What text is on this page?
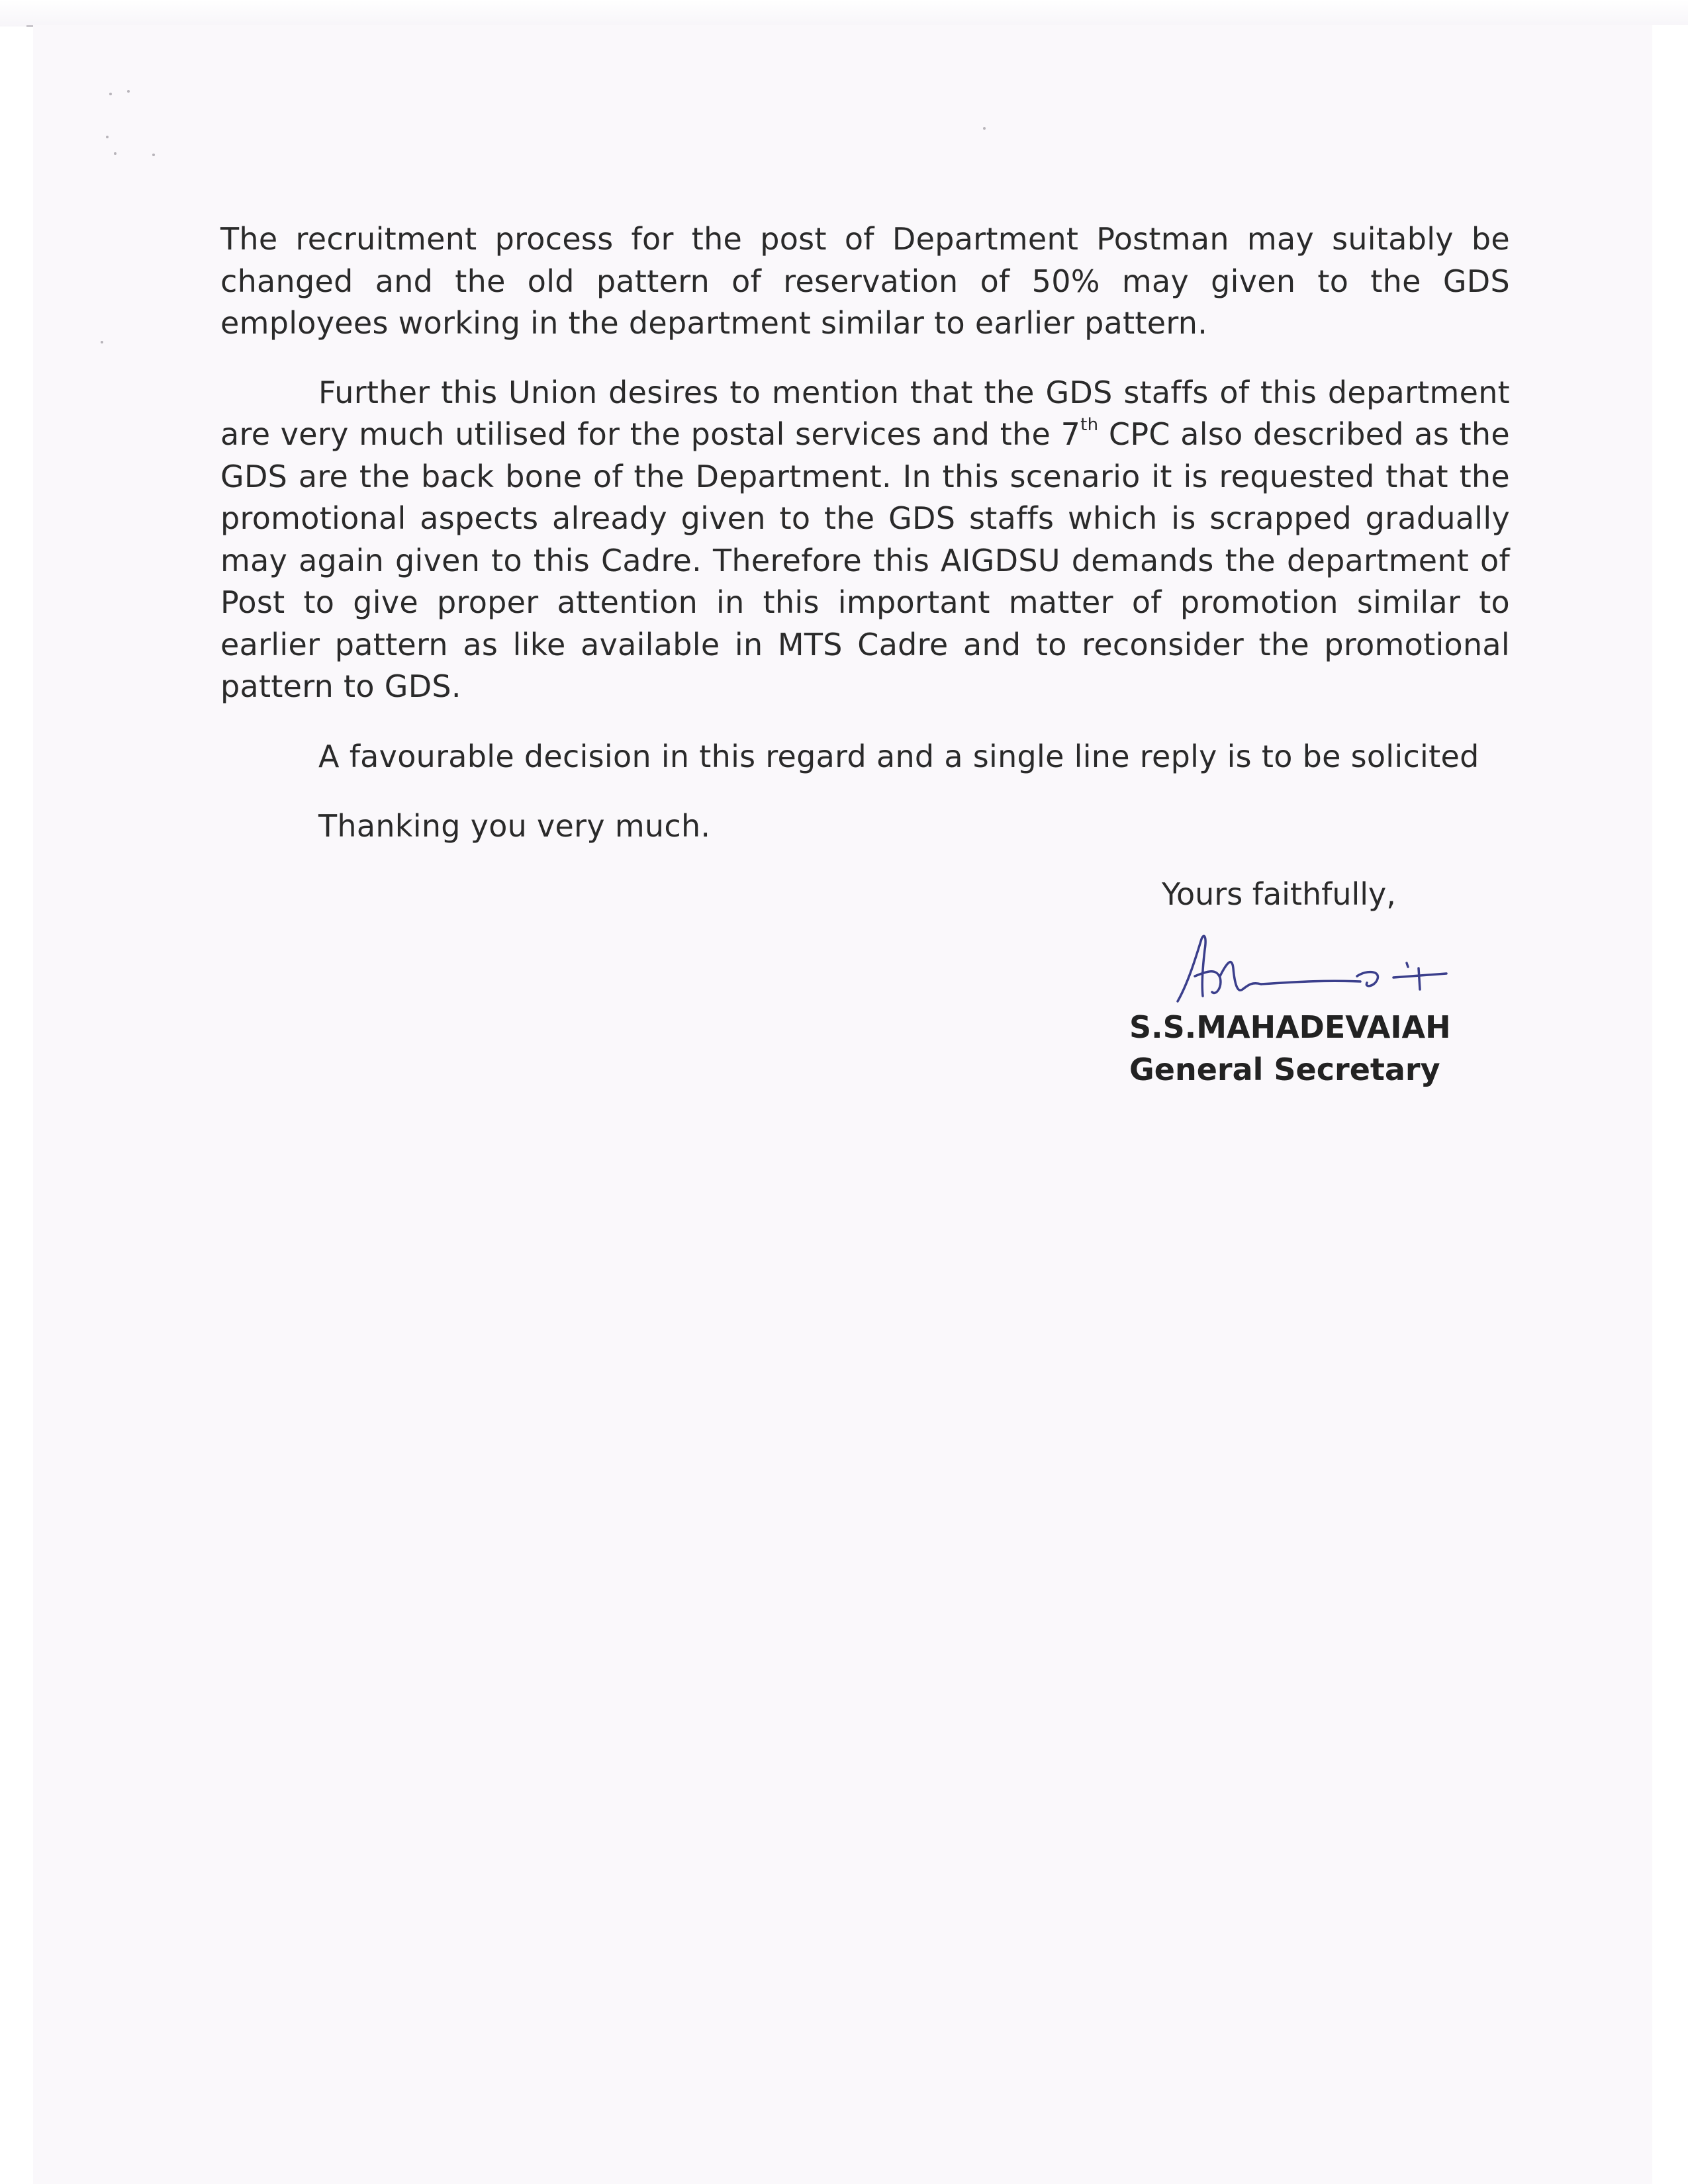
The recruitment process for the post of Department Postman may suitably be changed and the old pattern of reservation of 50% may given to the GDS employees working in the department similar to earlier pattern.

Further this Union desires to mention that the GDS staffs of this department are very much utilised for the postal services and the 7th CPC also described as the GDS are the back bone of the Department. In this scenario it is requested that the promotional aspects already given to the GDS staffs which is scrapped gradually may again given to this Cadre. Therefore this AIGDSU demands the department of Post to give proper attention in this important matter of promotion similar to earlier pattern as like available in MTS Cadre and to reconsider the promotional pattern to GDS.

A favourable decision in this regard and a single line reply is to be solicited

Thanking you very much.

Yours faithfully,
S.S.MAHADEVAIAH
General Secretary
